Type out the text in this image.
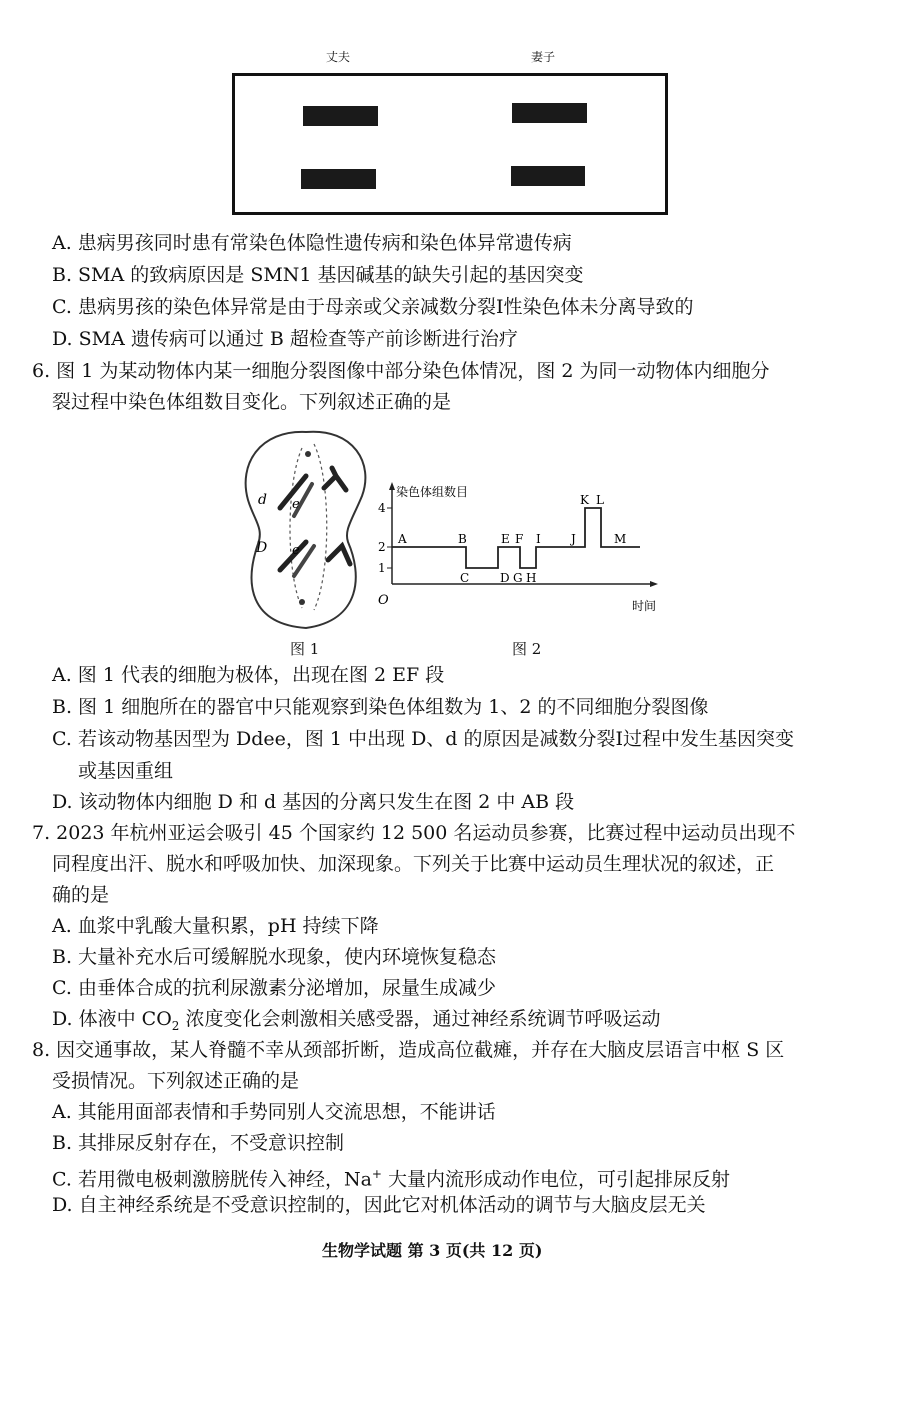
丈夫	妻子
A. 患病男孩同时患有常染色体隐性遗传病和染色体异常遗传病
B. SMA 的致病原因是 SMN1 基因碱基的缺失引起的基因突变
C. 患病男孩的染色体异常是由于母亲或父亲减数分裂Ⅰ性染色体未分离导致的
D. SMA 遗传病可以通过 B 超检查等产前诊断进行治疗
6. 图 1 为某动物体内某一细胞分裂图像中部分染色体情况，图 2 为同一动物体内细胞分
裂过程中染色体组数目变化。下列叙述正确的是
d e
D e
染色体组数目
时间
O
4
2
1
A	B	E F I	J
K L
M
C	D G H
图 1	图 2
A. 图 1 代表的细胞为极体，出现在图 2 EF 段
B. 图 1 细胞所在的器官中只能观察到染色体组数为 1、2 的不同细胞分裂图像
C. 若该动物基因型为 Ddee，图 1 中出现 D、d 的原因是减数分裂Ⅰ过程中发生基因突变
或基因重组
D. 该动物体内细胞 D 和 d 基因的分离只发生在图 2 中 AB 段
7. 2023 年杭州亚运会吸引 45 个国家约 12 500 名运动员参赛，比赛过程中运动员出现不
同程度出汗、脱水和呼吸加快、加深现象。下列关于比赛中运动员生理状况的叙述，正
确的是
A. 血浆中乳酸大量积累，pH 持续下降
B. 大量补充水后可缓解脱水现象，使内环境恢复稳态
C. 由垂体合成的抗利尿激素分泌增加，尿量生成减少
D. 体液中 $CO_2$ 浓度变化会刺激相关感受器，通过神经系统调节呼吸运动
8. 因交通事故，某人脊髓不幸从颈部折断，造成高位截瘫，并存在大脑皮层语言中枢 S 区
受损情况。下列叙述正确的是
A. 其能用面部表情和手势同别人交流思想，不能讲话
B. 其排尿反射存在，不受意识控制
C. 若用微电极刺激膀胱传入神经，Na+ 大量内流形成动作电位，可引起排尿反射
D. 自主神经系统是不受意识控制的，因此它对机体活动的调节与大脑皮层无关
生物学试题 第 3 页(共 12 页)
